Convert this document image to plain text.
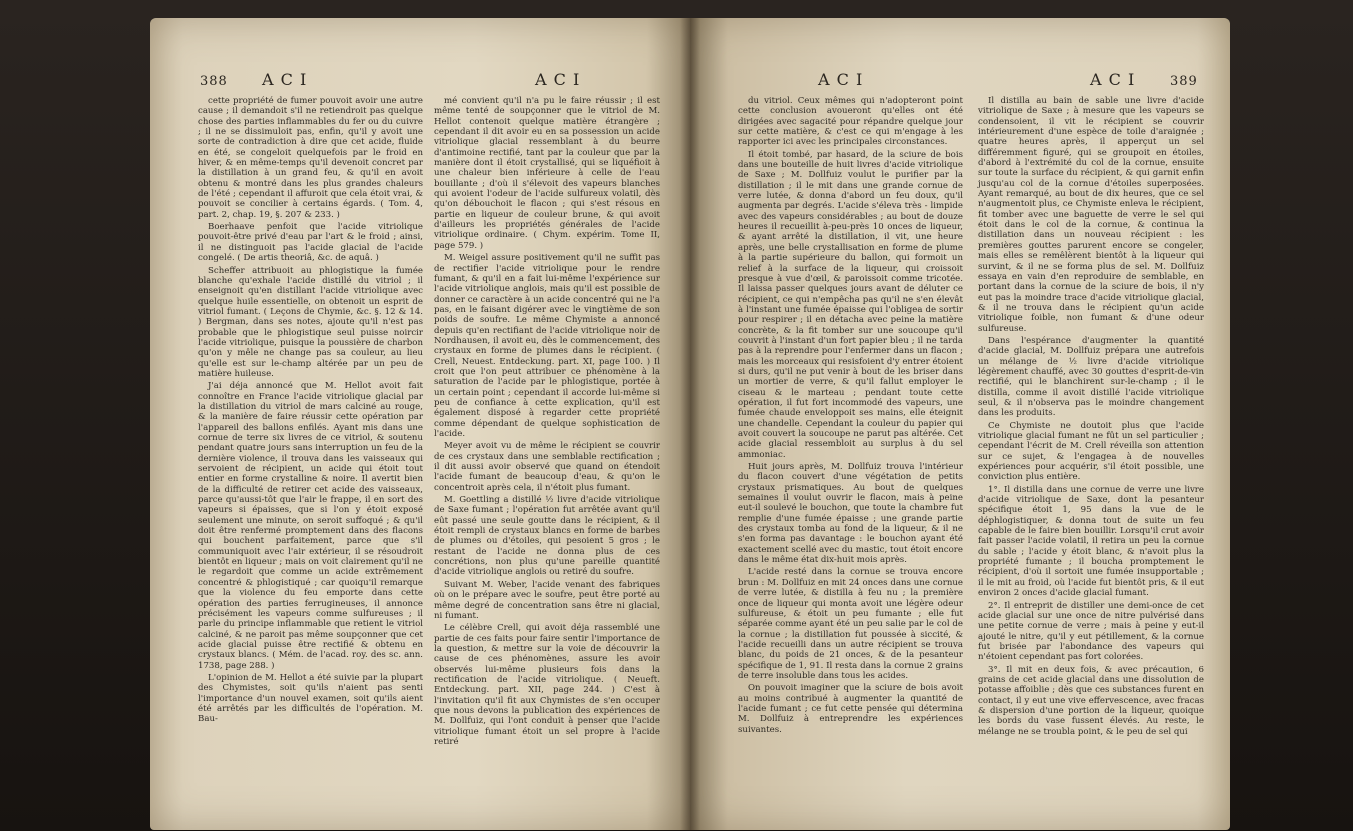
388 A C I	A C I

cette propriété de fumer pouvoit avoir une autre cause ; il demandoit s'il ne retiendroit pas quelque chose des parties inflammables du fer ou du cuivre ; il ne se dissimuloit pas, enfin, qu'il y avoit une sorte de contradiction à dire que cet acide, fluide en été, se congeloit quelquefois par le froid en hiver, & en même-temps qu'il devenoit concret par la distillation à un grand feu, & qu'il en avoit obtenu & montré dans les plus grandes chaleurs de l'été ; cependant il affuroit que cela étoit vrai, & pouvoit se concilier à certains égards. ( Tom. 4, part. 2, chap. 19, §. 207 & 233. )

Boerhaave penfoit que l'acide vitriolique pouvoit-être privé d'eau par l'art & le froid ; ainsi, il ne distinguoit pas l'acide glacial de l'acide congelé. ( De artis theoriâ, &c. de aquâ. )

Scheffer attribuoit au phlogistique la fumée blanche qu'exhale l'acide distillé du vitriol ; il enseignoit qu'en distillant l'acide vitriolique avec quelque huile essentielle, on obtenoit un esprit de vitriol fumant. ( Leçons de Chymie, &c. §. 12 & 14. ) Bergman, dans ses notes, ajoute qu'il n'est pas probable que le phlogistique seul puisse noircir l'acide vitriolique, puisque la poussière de charbon qu'on y mêle ne change pas sa couleur, au lieu qu'elle est sur le-champ altérée par un peu de matière huileuse.

J'ai déja annoncé que M. Hellot avoit fait connoître en France l'acide vitriolique glacial par la distillation du vitriol de mars calciné au rouge, & la manière de faire réussir cette opération par l'appareil des ballons enfilés. Ayant mis dans une cornue de terre six livres de ce vitriol, & soutenu pendant quatre jours sans interruption un feu de la dernière violence, il trouva dans les vaisseaux qui servoient de récipient, un acide qui étoit tout entier en forme crystalline & noire. Il avertit bien de la difficulté de retirer cet acide des vaisseaux, parce qu'aussi-tôt que l'air le frappe, il en sort des vapeurs si épaisses, que si l'on y étoit exposé seulement une minute, on seroit suffoqué ; & qu'il doit être renfermé promptement dans des flacons qui bouchent parfaitement, parce que s'il communiquoit avec l'air extérieur, il se résoudroit bientôt en liqueur ; mais on voit clairement qu'il ne le regardoit que comme un acide extrêmement concentré & phlogistiqué ; car quoiqu'il remarque que la violence du feu emporte dans cette opération des parties ferrugineuses, il annonce précisément les vapeurs comme sulfureuses ; il parle du principe inflammable que retient le vitriol calciné, & ne paroit pas même soupçonner que cet acide glacial puisse être rectifié & obtenu en crystaux blancs. ( Mém. de l'acad. roy. des sc. ann. 1738, page 288. )

L'opinion de M. Hellot a été suivie par la plupart des Chymistes, soit qu'ils n'aient pas senti l'importance d'un nouvel examen, soit qu'ils aient été arrêtés par les difficultés de l'opération. M. Bau-

mé convient qu'il n'a pu le faire réussir ; il est même tenté de soupçonner que le vitriol de M. Hellot contenoit quelque matière étrangère ; cependant il dit avoir eu en sa possession un acide vitriolique glacial ressemblant à du beurre d'antimoine rectifié, tant par la couleur que par la manière dont il étoit crystallisé, qui se liquéfioit à une chaleur bien inférieure à celle de l'eau bouillante ; d'où il s'élevoit des vapeurs blanches qui avoient l'odeur de l'acide sulfureux volatil, dès qu'on débouchoit le flacon ; qui s'est résous en partie en liqueur de couleur brune, & qui avoit d'ailleurs les propriétés générales de l'acide vitriolique ordinaire. ( Chym. expérim. Tome II, page 579. )

M. Weigel assure positivement qu'il ne suffit pas de rectifier l'acide vitriolique pour le rendre fumant, & qu'il en a fait lui-même l'expérience sur l'acide vitriolique anglois, mais qu'il est possible de donner ce caractère à un acide concentré qui ne l'a pas, en le faisant digérer avec le vingtième de son poids de soufre. Le même Chymiste a annoncé depuis qu'en rectifiant de l'acide vitriolique noir de Nordhausen, il avoit eu, dès le commencement, des crystaux en forme de plumes dans le récipient. ( Crell, Neuest. Entdeckung. part. XI, page 100. ) Il croit que l'on peut attribuer ce phénomène à la saturation de l'acide par le phlogistique, portée à un certain point ; cependant il accorde lui-même si peu de confiance à cette explication, qu'il est également disposé à regarder cette propriété comme dépendant de quelque sophistication de l'acide.

Meyer avoit vu de même le récipient se couvrir de ces crystaux dans une semblable rectification ; il dit aussi avoir observé que quand on étendoit l'acide fumant de beaucoup d'eau, & qu'on le concentroit après cela, il n'étoit plus fumant.

M. Goettling a distillé ½ livre d'acide vitriolique de Saxe fumant ; l'opération fut arrêtée avant qu'il eût passé une seule goutte dans le récipient, & il étoit rempli de crystaux blancs en forme de barbes de plumes ou d'étoiles, qui pesoient 5 gros ; le restant de l'acide ne donna plus de ces concrétions, non plus qu'une pareille quantité d'acide vitriolique anglois ou retiré du soufre.

Suivant M. Weber, l'acide venant des fabriques où on le prépare avec le soufre, peut être porté au même degré de concentration sans être ni glacial, ni fumant.

Le célèbre Crell, qui avoit déja rassemblé une partie de ces faits pour faire sentir l'importance de la question, & mettre sur la voie de découvrir la cause de ces phénomènes, assure les avoir observés lui-même plusieurs fois dans la rectification de l'acide vitriolique. ( Neueft. Entdeckung. part. XII, page 244. ) C'est à l'invitation qu'il fit aux Chymistes de s'en occuper que nous devons la publication des expériences de M. Dollfuiz, qui l'ont conduit à penser que l'acide vitriolique fumant étoit un sel propre à l'acide retiré

A C I	A C I	389

du vitriol. Ceux mêmes qui n'adopteront point cette conclusion avoueront qu'elles ont été dirigées avec sagacité pour répandre quelque jour sur cette matière, & c'est ce qui m'engage à les rapporter ici avec les principales circonstances.

Il étoit tombé, par hasard, de la sciure de bois dans une bouteille de huit livres d'acide vitriolique de Saxe ; M. Dollfuiz voulut le purifier par la distillation ; il le mit dans une grande cornue de verre lutée, & donna d'abord un feu doux, qu'il augmenta par degrés. L'acide s'éleva très - limpide avec des vapeurs considérables ; au bout de douze heures il recueillit à-peu-près 10 onces de liqueur, & ayant arrêté la distillation, il vit, une heure après, une belle crystallisation en forme de plume à la partie supérieure du ballon, qui formoit un relief à la surface de la liqueur, qui croissoit presque à vue d'œil, & paroissoit comme tricotée. Il laissa passer quelques jours avant de déluter ce récipient, ce qui n'empêcha pas qu'il ne s'en élevât à l'instant une fumée épaisse qui l'obligea de sortir pour respirer ; il en détacha avec peine la matière concrète, & la fit tomber sur une soucoupe qu'il couvrit à l'instant d'un fort papier bleu ; il ne tarda pas à la reprendre pour l'enfermer dans un flacon ; mais les morceaux qui resisfoient d'y entrer étoient si durs, qu'il ne put venir à bout de les briser dans un mortier de verre, & qu'il fallut employer le ciseau & le marteau ; pendant toute cette opération, il fut fort incommodé des vapeurs, une fumée chaude enveloppoit ses mains, elle éteignit une chandelle. Cependant la couleur du papier qui avoit couvert la soucoupe ne parut pas altérée. Cet acide glacial ressembloit au surplus à du sel ammoniac.

Huit jours après, M. Dollfuiz trouva l'intérieur du flacon couvert d'une végétation de petits crystaux prismatiques. Au bout de quelques semaines il voulut ouvrir le flacon, mais à peine eut-il soulevé le bouchon, que toute la chambre fut remplie d'une fumée épaisse ; une grande partie des crystaux tomba au fond de la liqueur, & il ne s'en forma pas davantage : le bouchon ayant été exactement scellé avec du mastic, tout étoit encore dans le même état dix-huit mois après.

L'acide resté dans la cornue se trouva encore brun : M. Dollfuiz en mit 24 onces dans une cornue de verre lutée, & distilla à feu nu ; la première once de liqueur qui monta avoit une légère odeur sulfureuse, & étoit un peu fumante ; elle fut séparée comme ayant été un peu salie par le col de la cornue ; la distillation fut poussée à siccité, & l'acide recueilli dans un autre récipient se trouva blanc, du poids de 21 onces, & de la pesanteur spécifique de 1, 91. Il resta dans la cornue 2 grains de terre insoluble dans tous les acides.

On pouvoit imaginer que la sciure de bois avoit au moins contribué à augmenter la quantité de l'acide fumant ; ce fut cette pensée qui détermina M. Dollfuiz à entreprendre les expériences suivantes.

Il distilla au bain de sable une livre d'acide vitriolique de Saxe ; à mesure que les vapeurs se condensoient, il vit le récipient se couvrir intérieurement d'une espèce de toile d'araignée ; quatre heures après, il apperçut un sel différemment figuré, qui se groupoit en étoiles, d'abord à l'extrémité du col de la cornue, ensuite sur toute la surface du récipient, & qui garnit enfin jusqu'au col de la cornue d'étoiles superposées. Ayant remarqué, au bout de dix heures, que ce sel n'augmentoit plus, ce Chymiste enleva le récipient, fit tomber avec une baguette de verre le sel qui étoit dans le col de la cornue, & continua la distillation dans un nouveau récipient : les premières gouttes parurent encore se congeler, mais elles se remêlèrent bientôt à la liqueur qui survint, & il ne se forma plus de sel. M. Dollfuiz essaya en vain d'en reproduire de semblable, en portant dans la cornue de la sciure de bois, il n'y eut pas la moindre trace d'acide vitriolique glacial, & il ne trouva dans le récipient qu'un acide vitriolique foible, non fumant & d'une odeur sulfureuse.

Dans l'espérance d'augmenter la quantité d'acide glacial, M. Dollfuiz prépara une autrefois un mélange de ½ livre d'acide vitriolique légèrement chauffé, avec 30 gouttes d'esprit-de-vin rectifié, qui le blanchirent sur-le-champ ; il le distilla, comme il avoit distillé l'acide vitriolique seul, & il n'observa pas le moindre changement dans les produits.

Ce Chymiste ne doutoit plus que l'acide vitriolique glacial fumant ne fût un sel particulier ; cependant l'écrit de M. Crell réveilla son attention sur ce sujet, & l'engagea à de nouvelles expériences pour acquérir, s'il étoit possible, une conviction plus entière.

1°. Il distilla dans une cornue de verre une livre d'acide vitriolique de Saxe, dont la pesanteur spécifique étoit 1, 95 dans la vue de le déphlogistiquer, & donna tout de suite un feu capable de le faire bien bouillir. Lorsqu'il crut avoir fait passer l'acide volatil, il retira un peu la cornue du sable ; l'acide y étoit blanc, & n'avoit plus la propriété fumante ; il boucha promptement le récipient, d'où il sortoit une fumée insupportable ; il le mit au froid, où l'acide fut bientôt pris, & il eut environ 2 onces d'acide glacial fumant.

2°. Il entreprit de distiller une demi-once de cet acide glacial sur une once de nitre pulvérisé dans une petite cornue de verre ; mais à peine y eut-il ajouté le nitre, qu'il y eut pétillement, & la cornue fut brisée par l'abondance des vapeurs qui n'étoient cependant pas fort colorées.

3°. Il mit en deux fois, & avec précaution, 6 grains de cet acide glacial dans une dissolution de potasse affoiblie ; dès que ces substances furent en contact, il y eut une vive effervescence, avec fracas & dispersion d'une portion de la liqueur, quoique les bords du vase fussent élevés. Au reste, le mélange ne se troubla point, & le peu de sel qui
